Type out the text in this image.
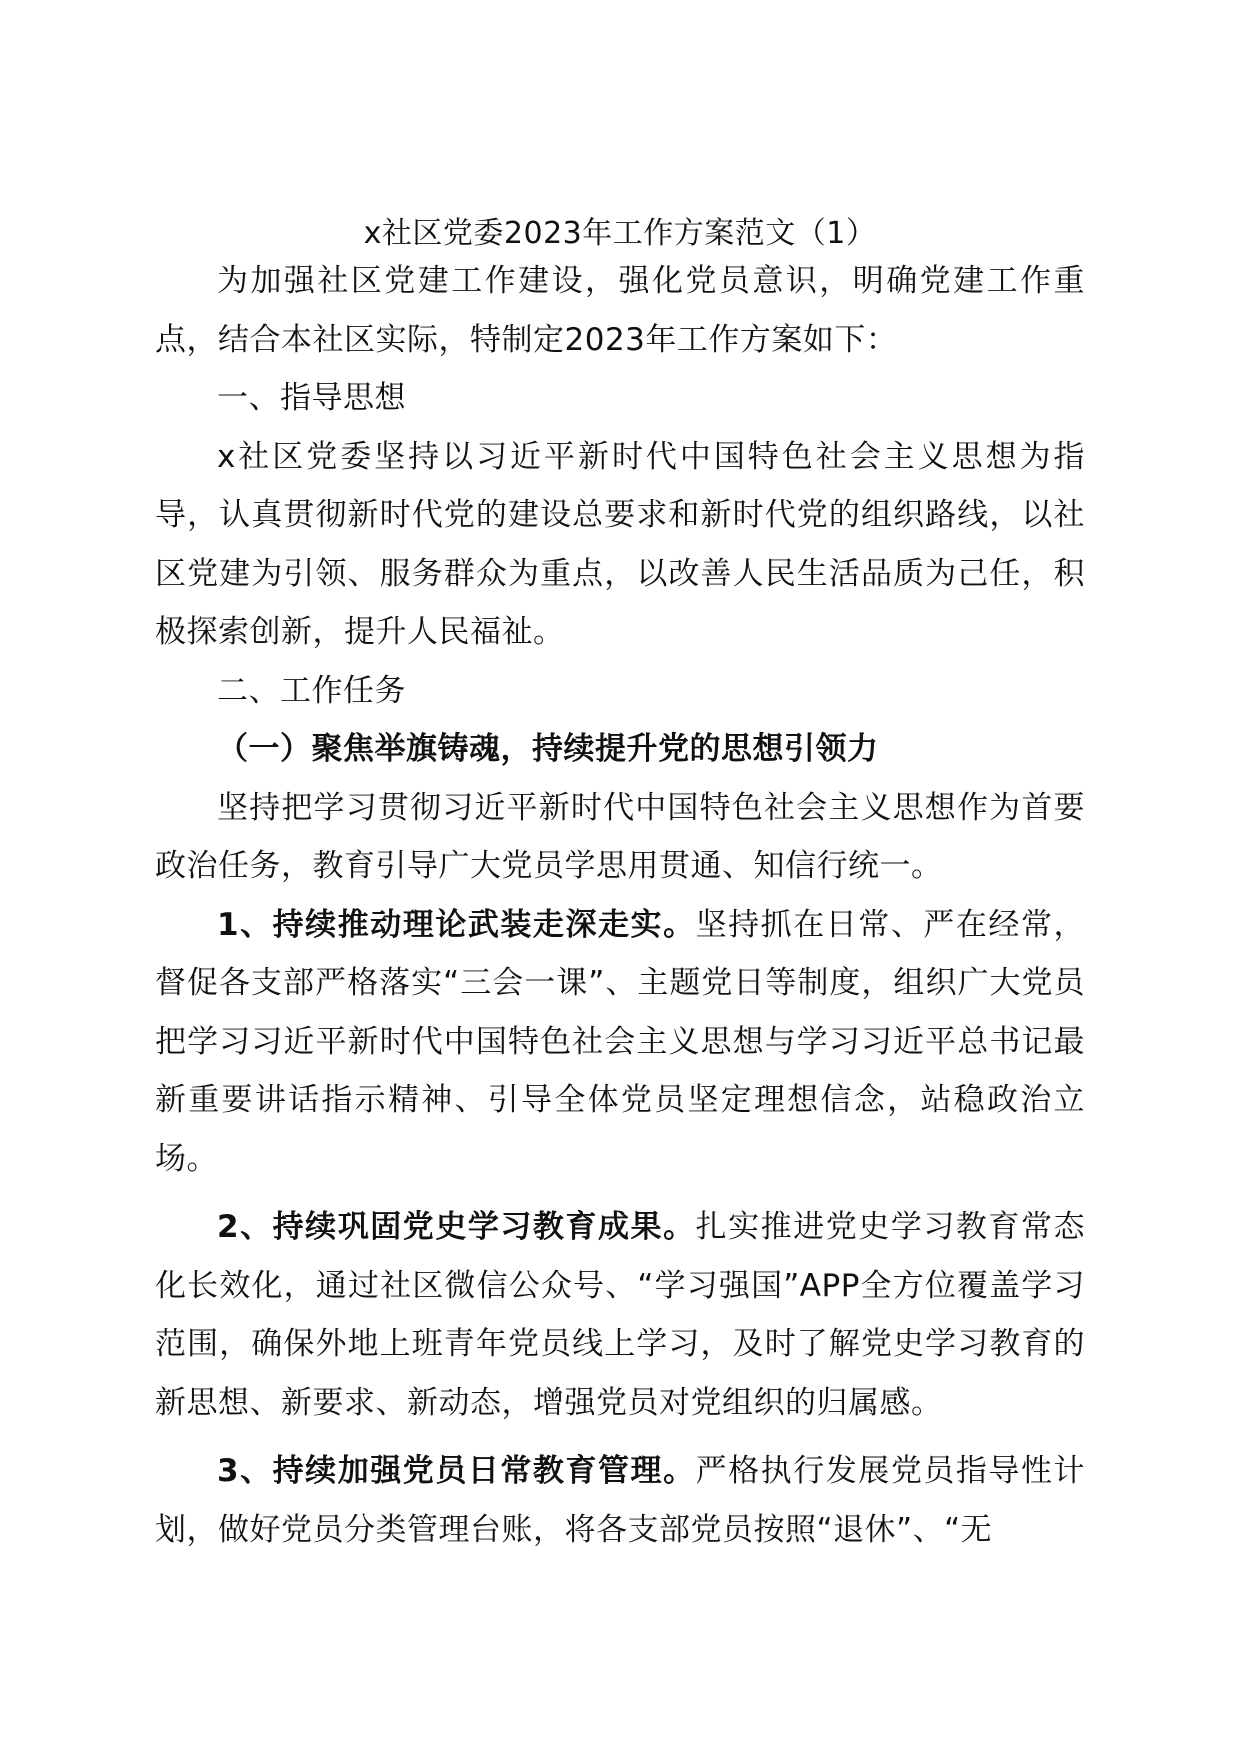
x社区党委2023年工作方案范文（1）

为加强社区党建工作建设，强化党员意识，明确党建工作重点，结合本社区实际，特制定2023年工作方案如下：

一、指导思想

x社区党委坚持以习近平新时代中国特色社会主义思想为指导，认真贯彻新时代党的建设总要求和新时代党的组织路线，以社区党建为引领、服务群众为重点，以改善人民生活品质为己任，积极探索创新，提升人民福祉。

二、工作任务

（一）聚焦举旗铸魂，持续提升党的思想引领力

坚持把学习贯彻习近平新时代中国特色社会主义思想作为首要政治任务，教育引导广大党员学思用贯通、知信行统一。

1、持续推动理论武装走深走实。坚持抓在日常、严在经常，督促各支部严格落实“三会一课”、主题党日等制度，组织广大党员把学习习近平新时代中国特色社会主义思想与学习习近平总书记最新重要讲话指示精神、引导全体党员坚定理想信念，站稳政治立场。

2、持续巩固党史学习教育成果。扎实推进党史学习教育常态化长效化，通过社区微信公众号、“学习强国”APP全方位覆盖学习范围，确保外地上班青年党员线上学习，及时了解党史学习教育的新思想、新要求、新动态，增强党员对党组织的归属感。

3、持续加强党员日常教育管理。严格执行发展党员指导性计划，做好党员分类管理台账，将各支部党员按照“退休”、“无
